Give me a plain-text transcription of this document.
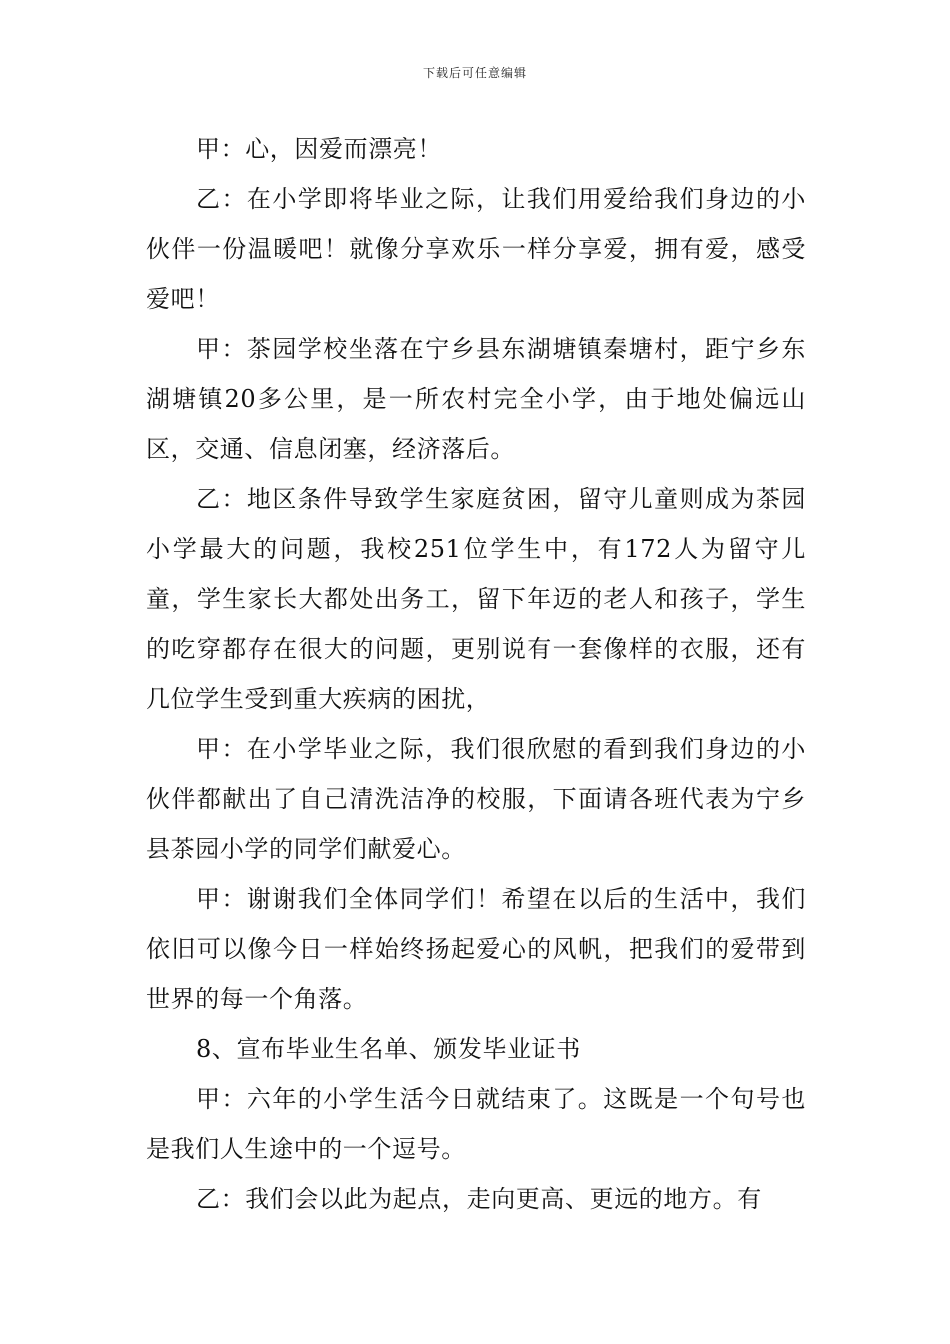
下载后可任意编辑

甲：心，因爱而漂亮！

乙：在小学即将毕业之际，让我们用爱给我们身边的小伙伴一份温暖吧！就像分享欢乐一样分享爱，拥有爱，感受爱吧！

甲：茶园学校坐落在宁乡县东湖塘镇秦塘村，距宁乡东湖塘镇20多公里，是一所农村完全小学，由于地处偏远山区，交通、信息闭塞，经济落后。

乙：地区条件导致学生家庭贫困，留守儿童则成为茶园小学最大的问题，我校251位学生中，有172人为留守儿童，学生家长大都处出务工，留下年迈的老人和孩子，学生的吃穿都存在很大的问题，更别说有一套像样的衣服，还有几位学生受到重大疾病的困扰，

甲：在小学毕业之际，我们很欣慰的看到我们身边的小伙伴都献出了自己清洗洁净的校服，下面请各班代表为宁乡县茶园小学的同学们献爱心。

甲：谢谢我们全体同学们！希望在以后的生活中，我们依旧可以像今日一样始终扬起爱心的风帆，把我们的爱带到世界的每一个角落。

8、宣布毕业生名单、颁发毕业证书

甲：六年的小学生活今日就结束了。这既是一个句号也是我们人生途中的一个逗号。

乙：我们会以此为起点，走向更高、更远的地方。有
